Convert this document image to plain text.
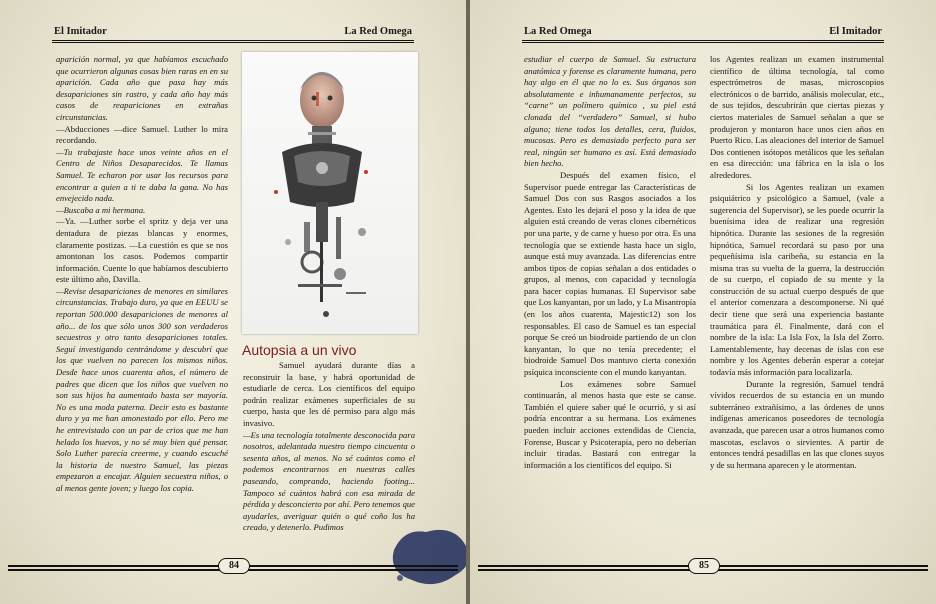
El Imitador	La Red Omega

aparición normal, ya que habíamos escuchado que ocurrieron algunas cosas bien raras en en su aparición. Cada año que pasa hay más desapariciones sin rastro, y cada año hay más casos de reapariciones en extrañas circunstancias.

—Abducciones —dice Samuel. Luther lo mira recordando.

—Tu trabajaste hace unos veinte años en el Centro de Niños Desaparecidos. Te llamas Samuel. Te echaron por usar los recursos para encontrar a quien a ti te daba la gana. No has envejecido nada.

—Buscaba a mi hermana.

—Ya. —Luther sorbe el spritz y deja ver una dentadura de piezas blancas y enormes, claramente postizas. —La cuestión es que se nos amontonan los casos. Podemos compartir información. Cuente lo que habíamos descubierto este último año, Davilla.

—Revise desapariciones de menores en similares circunstancias. Trabajo duro, ya que en EEUU se reportan 500.000 desapariciones de menores al año... de los que sólo unos 300 son verdaderos secuestros y otro tanto desapariciones totales. Seguí investigando centrándome y descubrí que los que vuelven no parecen los mismos niños. Desde hace unos cuarenta años, el número de padres que dicen que los niños que vuelven no son sus hijos ha aumentado hasta ser mayoría. No es una moda paterna. Decir esto es bastante duro y ya me han amonestado por ello. Pero me he entrevistado con un par de crios que me han helado los huevos, y no sé muy bien qué pensar. Solo Luther parecía creerme, y cuando escuché la historia de nuestro Samuel, las piezas empezaron a encajar. Alguien secuestra niños, o al menos gente joven; y luego los copia.

Autopsia a un vivo

Samuel ayudará durante días a reconstruir la base, y habrá oportunidad de estudiarle de cerca. Los científicos del equipo podrán realizar exámenes superficiales de su cuerpo, hasta que les dé permiso para algo más invasivo.

—Es una tecnología totalmente desconocida para nosotros, adelantada nuestro tiempo cincuenta o sesenta años, al menos. No sé cuántos como el podemos encontrarnos en nuestras calles paseando, comprando, haciendo footing... Tampoco sé cuántos habrá con esa mirada de pérdida y desconcierto por ahí. Pero tenemos que ayudarles, averiguar quién o qué coño los ha creado, y detenerlo. Pudimos

84
La Red Omega	El Imitador

estudiar el cuerpo de Samuel. Su estructura anatómica y forense es claramente humana, pero hay algo en él que no lo es. Sus órganos son absolutamente e inhumanamente perfectos, su “carne” un polímero químico , su piel está clonada del “verdadero” Samuel, si hubo alguno; tiene todos los detalles, cera, fluidos, mucosas. Pero es demasiado perfecto para ser real, ningún ser humano es así. Está demasiado bien hecho.

Después del examen físico, el Supervisor puede entregar las Características de Samuel Dos con sus Rasgos asociados a los Agentes. Esto les dejará el poso y la idea de que alguien está creando de veras clones cibernéticos por una parte, y de carne y hueso por otra. Es una tecnología que se extiende hasta hace un siglo, aunque está muy avanzada. Las diferencias entre ambos tipos de copias señalan a dos entidades o grupos, al menos, con capacidad y tecnología para hacer copias humanas. El Supervisor sabe que Los kanyantan, por un lado, y La Misantropía (en los años cuarenta, Majestic12) son los responsables. El caso de Samuel es tan especial porque Se creó un biodroide partiendo de un clon kanyantan, lo que no tenía precedente; el biodroide Samuel Dos mantuvo cierta conexión psíquica inconsciente con el mundo kanyantan.

Los exámenes sobre Samuel continuarán, al menos hasta que este se canse. También el quiere saber qué le ocurrió, y si así podría encontrar a su hermana. Los exámenes pueden incluir acciones extendidas de Ciencia, Forense, Buscar y Psicoterapia, pero no deberían incluir tiradas. Bastará con entregar la información a los científicos del equipo. Si

los Agentes realizan un examen instrumental científico de última tecnología, tal como espectrómetros de masas, microscopios electrónicos o de barrido, análisis molecular, etc., de sus tejidos, descubrirán que ciertas piezas y ciertos materiales de Samuel señalan a que se produjeron y montaron hace unos cien años en Puerto Rico. Las aleaciones del interior de Samuel Dos contienen isótopos metálicos que les señalan en esa dirección: una fábrica en la isla o los alrededores.

Si los Agentes realizan un examen psiquiátrico y psicológico a Samuel, (vale a sugerencia del Supervisor), se les puede ocurrir la buenísima idea de realizar una regresión hipnótica. Durante las sesiones de la regresión hipnótica, Samuel recordará su paso por una pequeñísima isla caribeña, su estancia en la misma tras su vuelta de la guerra, la destrucción de su cuerpo, el copiado de su mente y la construcción de su actual cuerpo después de que el anterior comenzara a descomponerse. Ni qué decir tiene que será una experiencia bastante traumática para él. Finalmente, dará con el nombre de la isla: La Isla Fox, la Isla del Zorro. Lamentablemente, hay decenas de islas con ese nombre y los Agentes deberán esperar a cotejar todavía más información para localizarla.

Durante la regresión, Samuel tendrá vívidos recuerdos de su estancia en un mundo subterráneo extrañísimo, a las órdenes de unos indígenas americanos poseedores de tecnología avanzada, que parecen usar a otros humanos como mascotas, esclavos o sirvientes. A partir de entonces tendrá pesadillas en las que clones suyos y de su hermana aparecen y le atormentan.

85
